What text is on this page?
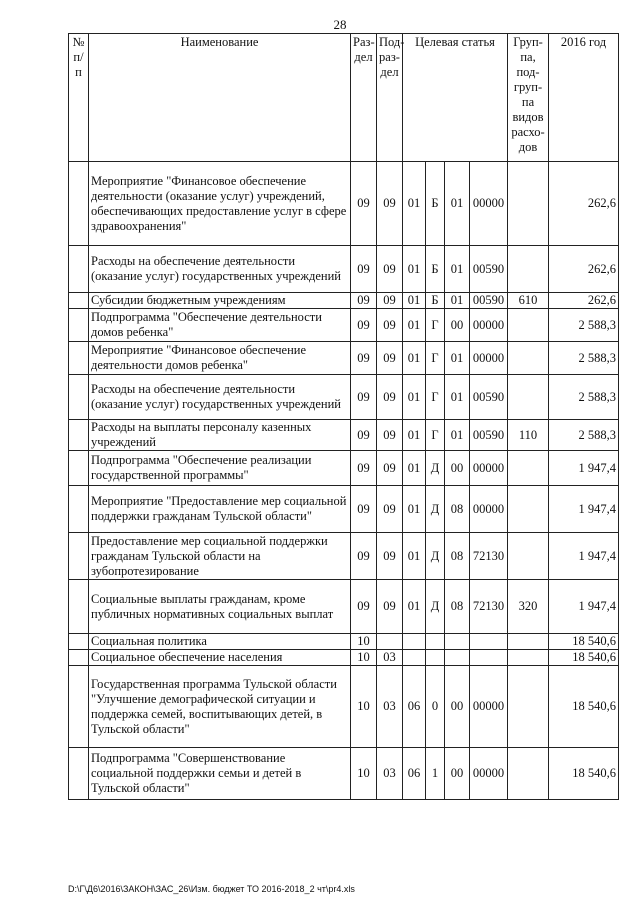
28
№ п/п	Наименование	Раз- дел	Под- раз- дел	Целевая статья				Груп- па, под- груп- па видов расхо- дов	2016 год
	Мероприятие "Финансовое обеспечение деятельности (оказание услуг) учреждений, обеспечивающих предоставление услуг в сфере здравоохранения"	09	09	01	Б	01	00000		262,6
	Расходы на обеспечение деятельности (оказание услуг) государственных учреждений	09	09	01	Б	01	00590		262,6
	Субсидии бюджетным учреждениям	09	09	01	Б	01	00590	610	262,6
	Подпрограмма "Обеспечение деятельности домов ребенка"	09	09	01	Г	00	00000		2 588,3
	Мероприятие "Финансовое обеспечение деятельности домов ребенка"	09	09	01	Г	01	00000		2 588,3
	Расходы на обеспечение деятельности (оказание услуг) государственных учреждений	09	09	01	Г	01	00590		2 588,3
	Расходы на выплаты персоналу казенных учреждений	09	09	01	Г	01	00590	110	2 588,3
	Подпрограмма "Обеспечение реализации государственной программы"	09	09	01	Д	00	00000		1 947,4
	Мероприятие "Предоставление мер социальной поддержки гражданам Тульской области"	09	09	01	Д	08	00000		1 947,4
	Предоставление мер социальной поддержки гражданам Тульской области на зубопротезирование	09	09	01	Д	08	72130		1 947,4
	Социальные выплаты гражданам, кроме публичных нормативных социальных выплат	09	09	01	Д	08	72130	320	1 947,4
	Социальная политика	10							18 540,6
	Социальное обеспечение населения	10	03						18 540,6
	Государственная программа Тульской области "Улучшение демографической ситуации и поддержка семей, воспитывающих детей, в Тульской области"	10	03	06	0	00	00000		18 540,6
	Подпрограмма "Совершенствование социальной поддержки семьи и детей в Тульской области"	10	03	06	1	00	00000		18 540,6
D:\Г\Д6\2016\ЗАКОН\ЗАС_26\Изм. бюджет ТО 2016-2018_2 чт\pr4.xls
